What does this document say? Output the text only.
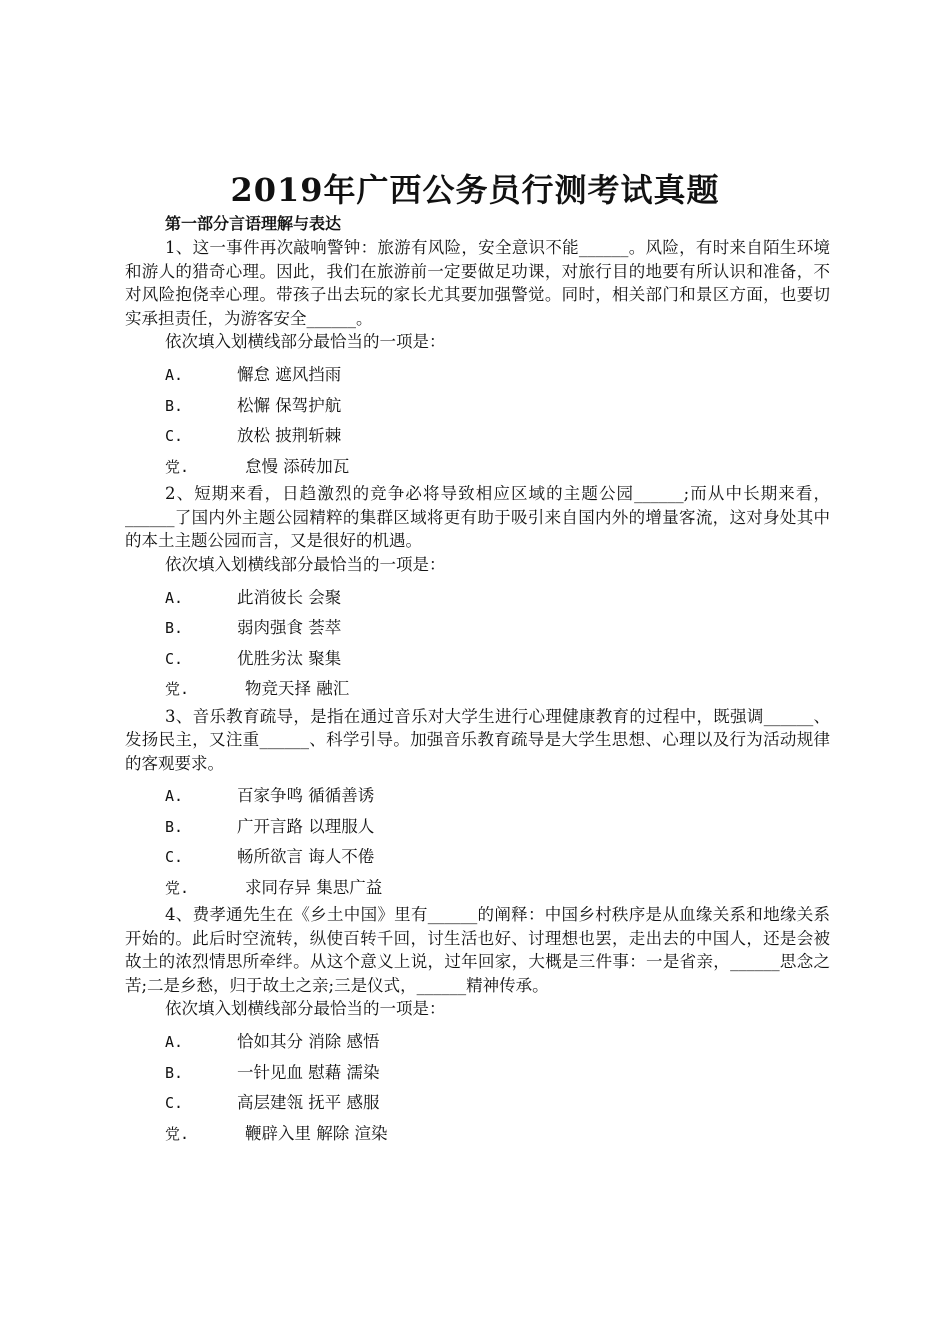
2019年广西公务员行测考试真题
第一部分言语理解与表达

1、这一事件再次敲响警钟：旅游有风险，安全意识不能______。风险，有时来自陌生环境和游人的猎奇心理。因此，我们在旅游前一定要做足功课，对旅行目的地要有所认识和准备，不对风险抱侥幸心理。带孩子出去玩的家长尤其要加强警觉。同时，相关部门和景区方面，也要切实承担责任，为游客安全______。

依次填入划横线部分最恰当的一项是：

A.	懈怠 遮风挡雨
B.	松懈 保驾护航
C.	放松 披荆斩棘
党.	怠慢 添砖加瓦

2、短期来看，日趋激烈的竞争必将导致相应区域的主题公园______;而从中长期来看，______了国内外主题公园精粹的集群区域将更有助于吸引来自国内外的增量客流，这对身处其中的本土主题公园而言，又是很好的机遇。

依次填入划横线部分最恰当的一项是：

A.	此消彼长 会聚
B.	弱肉强食 荟萃
C.	优胜劣汰 聚集
党.	物竞天择 融汇

3、音乐教育疏导，是指在通过音乐对大学生进行心理健康教育的过程中，既强调______、发扬民主，又注重______、科学引导。加强音乐教育疏导是大学生思想、心理以及行为活动规律的客观要求。

A.	百家争鸣 循循善诱
B.	广开言路 以理服人
C.	畅所欲言 诲人不倦
党.	求同存异 集思广益

4、费孝通先生在《乡土中国》里有______的阐释：中国乡村秩序是从血缘关系和地缘关系开始的。此后时空流转，纵使百转千回，讨生活也好、讨理想也罢，走出去的中国人，还是会被故土的浓烈情思所牵绊。从这个意义上说，过年回家，大概是三件事：一是省亲，______思念之苦;二是乡愁，归于故土之亲;三是仪式，______精神传承。

依次填入划横线部分最恰当的一项是：

A.	恰如其分 消除 感悟
B.	一针见血 慰藉 濡染
C.	高层建瓴 抚平 感服
党.	鞭辟入里 解除 渲染
